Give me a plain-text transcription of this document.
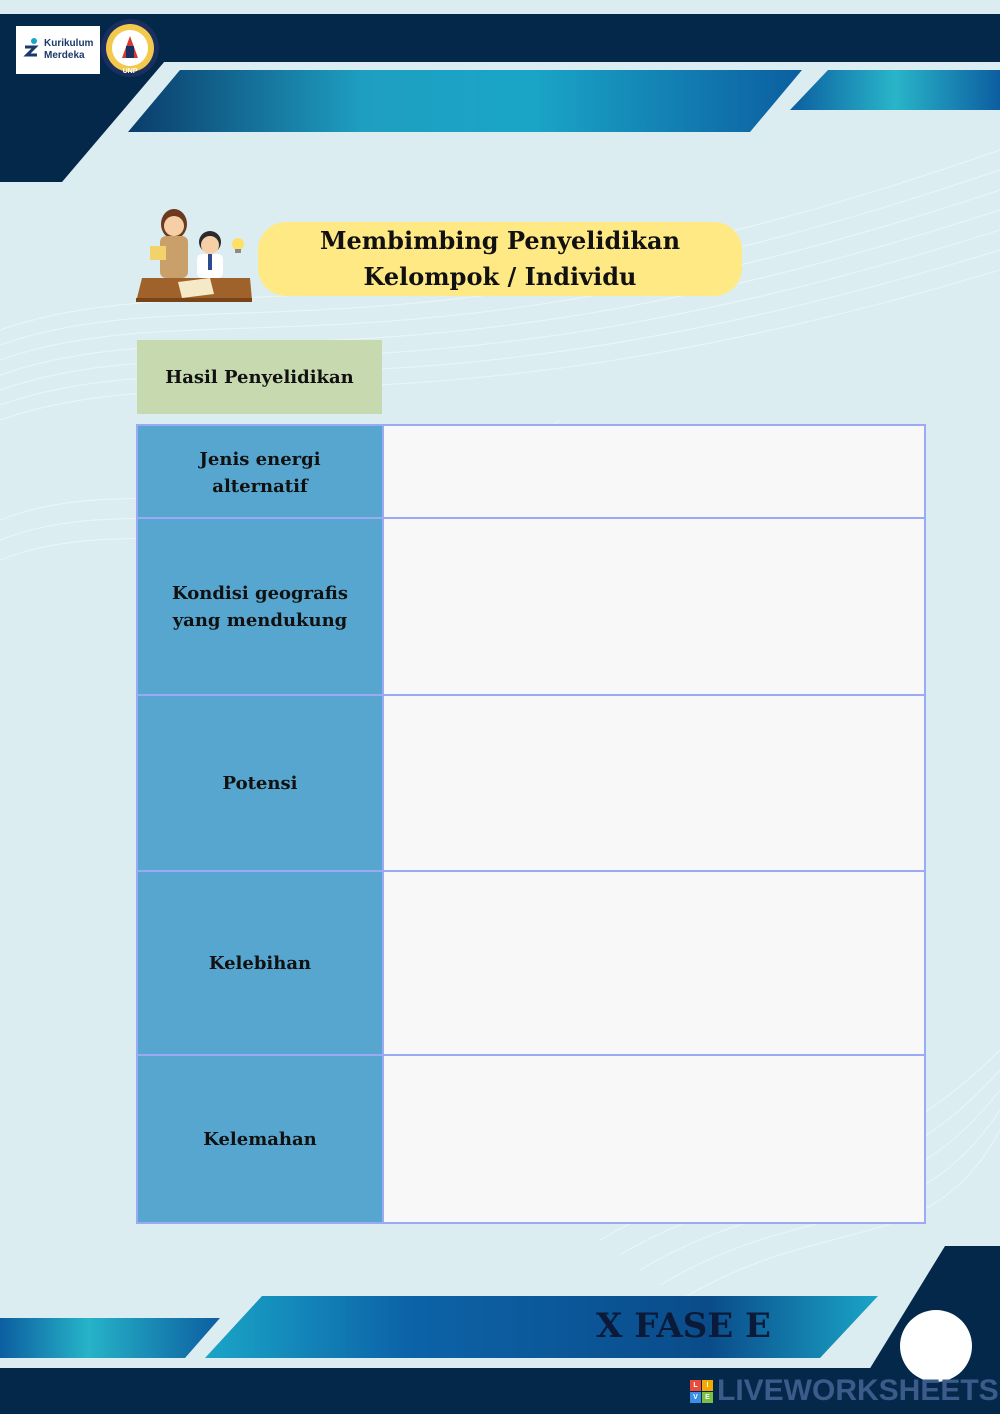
Kurikulum
Merdeka
UNP
Membimbing Penyelidikan
Kelompok / Individu
Hasil Penyelidikan
Jenis energi alternatif
Kondisi geografis yang mendukung
Potensi
Kelebihan
Kelemahan
X FASE E
L	I
V	E LIVEWORKSHEETS
